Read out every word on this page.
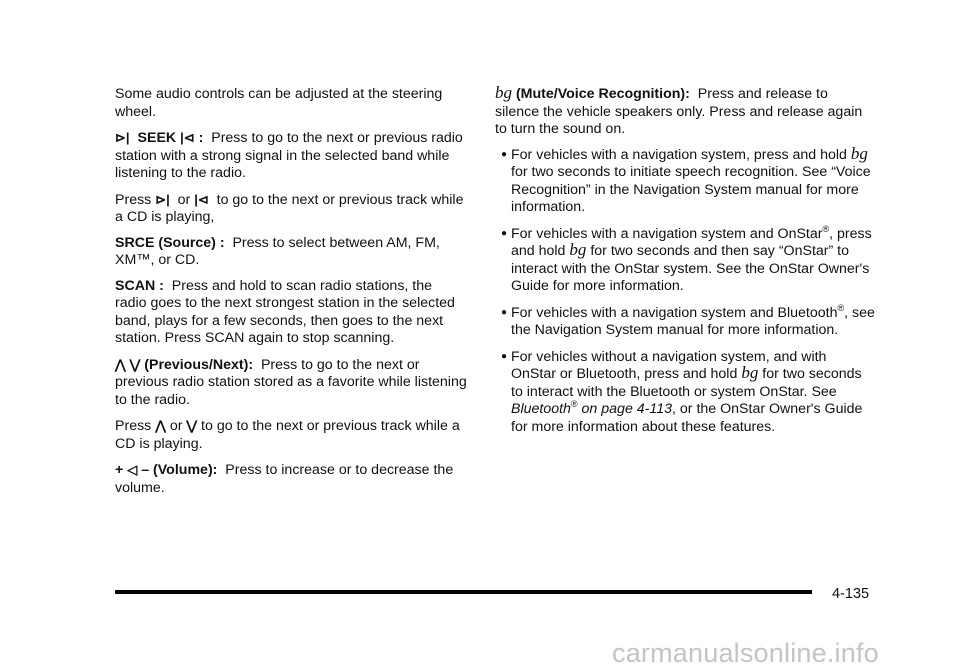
Some audio controls can be adjusted at the steering wheel.

⊳| SEEK |⊲ : Press to go to the next or previous radio station with a strong signal in the selected band while listening to the radio.

Press ⊳| or |⊲ to go to the next or previous track while a CD is playing,

SRCE (Source) : Press to select between AM, FM, XM™, or CD.

SCAN : Press and hold to scan radio stations, the radio goes to the next strongest station in the selected band, plays for a few seconds, then goes to the next station. Press SCAN again to stop scanning.

⋀ ⋁ (Previous/Next): Press to go to the next or previous radio station stored as a favorite while listening to the radio.

Press ⋀ or ⋁ to go to the next or previous track while a CD is playing.

+ ◁ – (Volume): Press to increase or to decrease the volume.

bg (Mute/Voice Recognition): Press and release to silence the vehicle speakers only. Press and release again to turn the sound on.

● For vehicles with a navigation system, press and hold bg for two seconds to initiate speech recognition. See “Voice Recognition” in the Navigation System manual for more information.
● For vehicles with a navigation system and OnStar®, press and hold bg for two seconds and then say “OnStar” to interact with the OnStar system. See the OnStar Owner's Guide for more information.
● For vehicles with a navigation system and Bluetooth®, see the Navigation System manual for more information.
● For vehicles without a navigation system, and with OnStar or Bluetooth, press and hold bg for two seconds to interact with the Bluetooth or system OnStar. See Bluetooth® on page 4-113, or the OnStar Owner's Guide for more information about these features.
4-135
carmanualsonline.info
